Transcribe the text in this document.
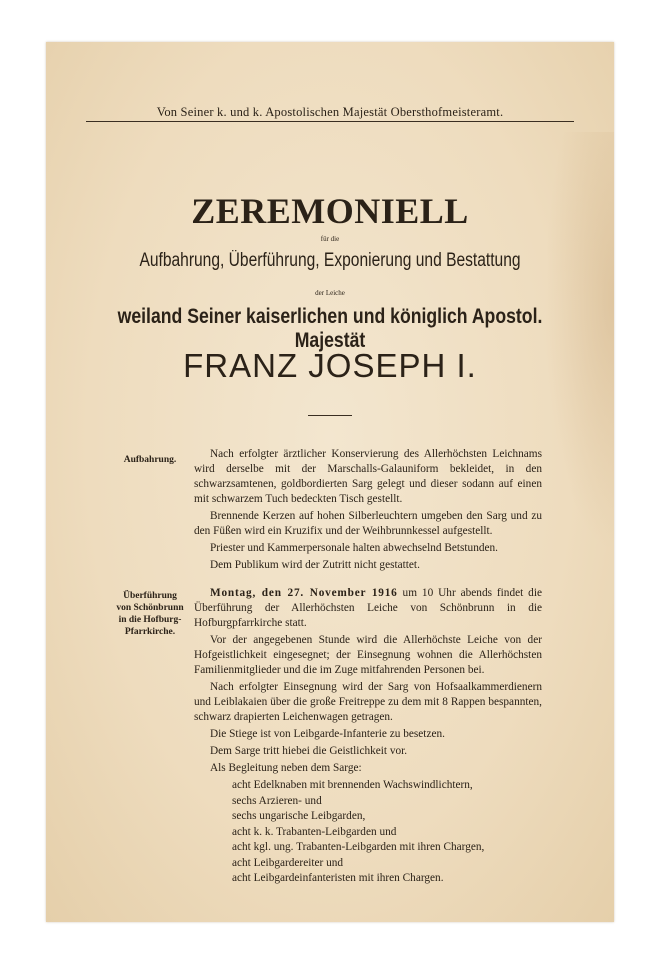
Von Seiner k. und k. Apostolischen Majestät Obersthofmeisteramt.
ZEREMONIELL
für die
Aufbahrung, Überführung, Exponierung und Bestattung
der Leiche
weiland Seiner kaiserlichen und königlich Apostol. Majestät
FRANZ JOSEPH I.
Aufbahrung.	Nach erfolgter ärztlicher Konservierung des Allerhöchsten Leichnams wird derselbe mit der Marschalls-Galauniform bekleidet, in den schwarzsamtenen, goldbordierten Sarg gelegt und dieser sodann auf einen mit schwarzem Tuch bedeckten Tisch gestellt.

Brennende Kerzen auf hohen Silberleuchtern umgeben den Sarg und zu den Füßen wird ein Kruzifix und der Weihbrunnkessel aufgestellt.

Priester und Kammerpersonale halten abwechselnd Betstunden.

Dem Publikum wird der Zutritt nicht gestattet.

Überführung
von Schönbrunn
in die Hofburg-
Pfarrkirche.

Montag, den 27. November 1916 um 10 Uhr abends findet die Überführung der Allerhöchsten Leiche von Schönbrunn in die Hofburgpfarrkirche statt.

Vor der angegebenen Stunde wird die Allerhöchste Leiche von der Hofgeistlichkeit eingesegnet; der Einsegnung wohnen die Allerhöchsten Familienmitglieder und die im Zuge mitfahrenden Personen bei.

Nach erfolgter Einsegnung wird der Sarg von Hofsaalkammerdienern und Leiblakaien über die große Freitreppe zu dem mit 8 Rappen bespannten, schwarz drapierten Leichenwagen getragen.

Die Stiege ist von Leibgarde-Infanterie zu besetzen.

Dem Sarge tritt hiebei die Geistlichkeit vor.

Als Begleitung neben dem Sarge:

acht Edelknaben mit brennenden Wachswindlichtern,
sechs Arzieren- und
sechs ungarische Leibgarden,
acht k. k. Trabanten-Leibgarden und
acht kgl. ung. Trabanten-Leibgarden mit ihren Chargen,
acht Leibgardereiter und
acht Leibgardeinfanteristen mit ihren Chargen.
